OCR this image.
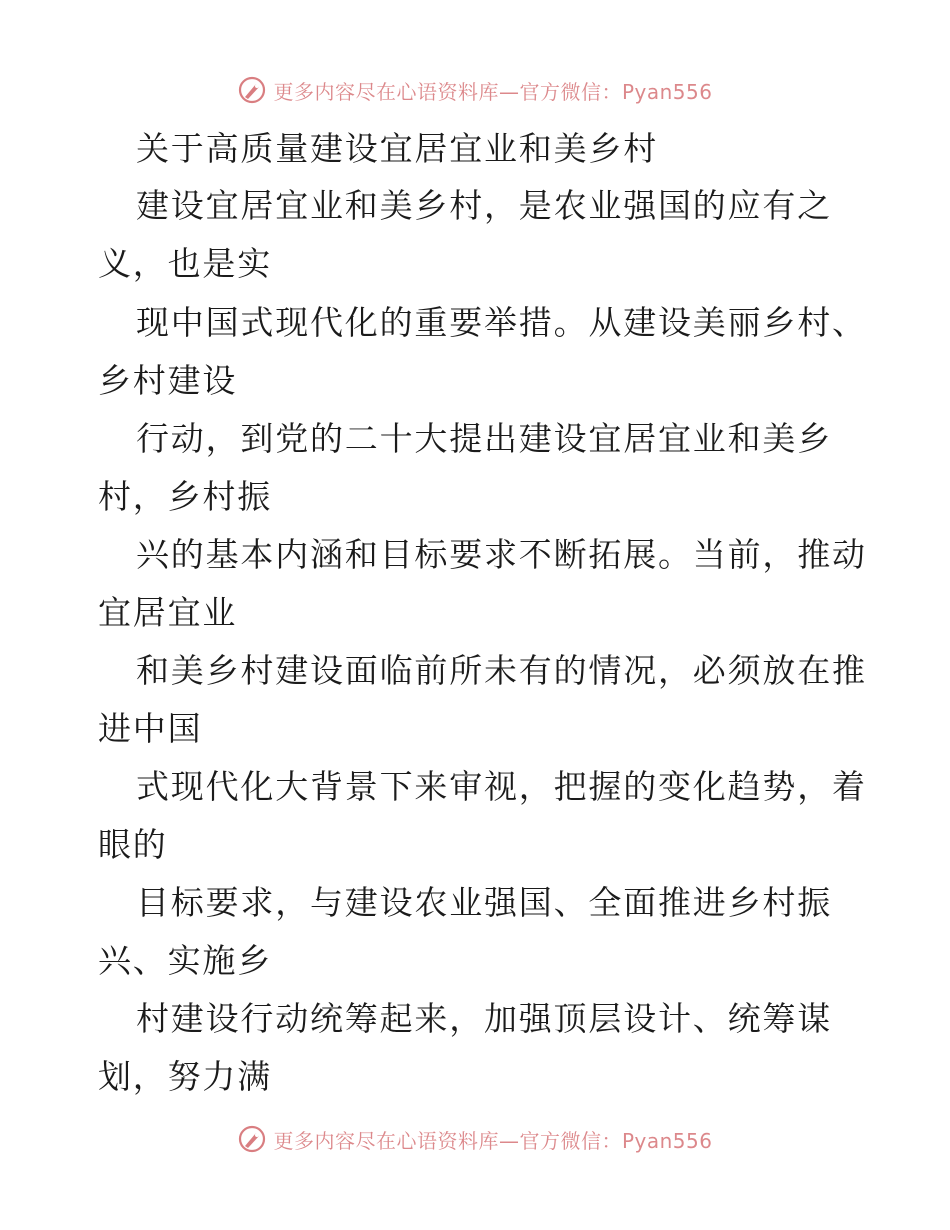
更多内容尽在心语资料库—官方微信：Pyan556
关于高质量建设宜居宜业和美乡村
建设宜居宜业和美乡村，是农业强国的应有之
义，也是实
现中国式现代化的重要举措。从建设美丽乡村、
乡村建设
行动，到党的二十大提出建设宜居宜业和美乡
村，乡村振
兴的基本内涵和目标要求不断拓展。当前，推动
宜居宜业
和美乡村建设面临前所未有的情况，必须放在推
进中国
式现代化大背景下来审视，把握的变化趋势，着
眼的
目标要求，与建设农业强国、全面推进乡村振
兴、实施乡
村建设行动统筹起来，加强顶层设计、统筹谋
划，努力满
更多内容尽在心语资料库—官方微信：Pyan556
